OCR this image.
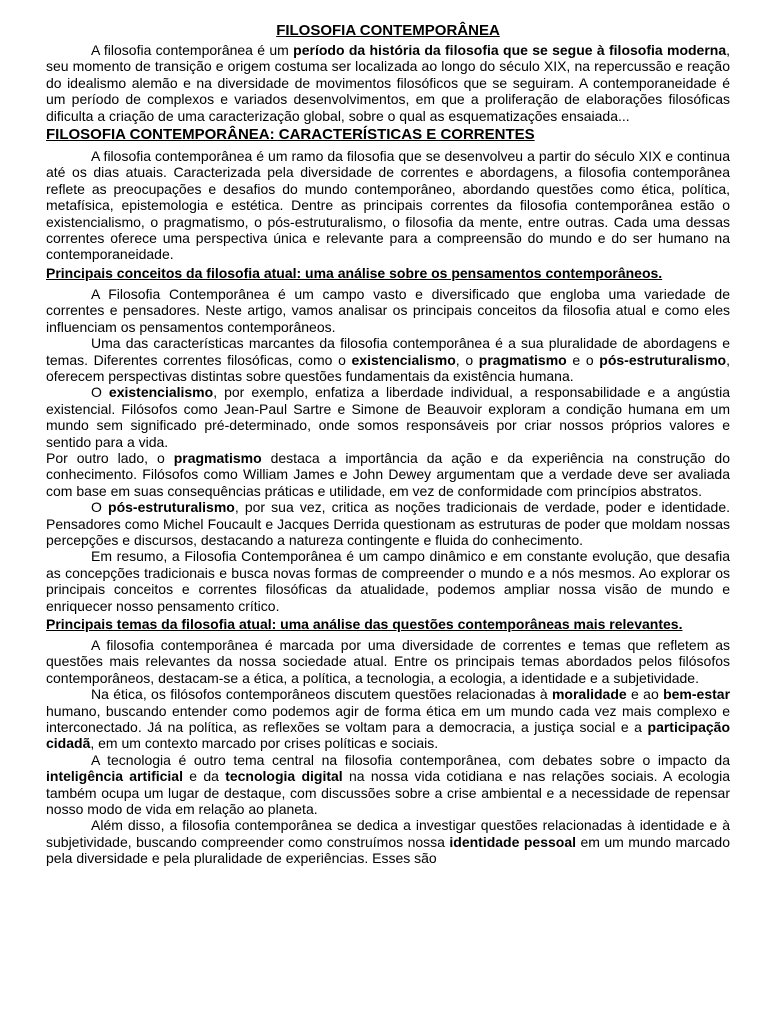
FILOSOFIA CONTEMPORÂNEA

A filosofia contemporânea é um período da história da filosofia que se segue à filosofia moderna, seu momento de transição e origem costuma ser localizada ao longo do século XIX, na repercussão e reação do idealismo alemão e na diversidade de movimentos filosóficos que se seguiram. A contemporaneidade é um período de complexos e variados desenvolvimentos, em que a proliferação de elaborações filosóficas dificulta a criação de uma caracterização global, sobre o qual as esquematizações ensaiada...

FILOSOFIA CONTEMPORÂNEA: CARACTERÍSTICAS E CORRENTES

A filosofia contemporânea é um ramo da filosofia que se desenvolveu a partir do século XIX e continua até os dias atuais. Caracterizada pela diversidade de correntes e abordagens, a filosofia contemporânea reflete as preocupações e desafios do mundo contemporâneo, abordando questões como ética, política, metafísica, epistemologia e estética. Dentre as principais correntes da filosofia contemporânea estão o existencialismo, o pragmatismo, o pós-estruturalismo, o filosofia da mente, entre outras. Cada uma dessas correntes oferece uma perspectiva única e relevante para a compreensão do mundo e do ser humano na contemporaneidade.

Principais conceitos da filosofia atual: uma análise sobre os pensamentos contemporâneos.

A Filosofia Contemporânea é um campo vasto e diversificado que engloba uma variedade de correntes e pensadores. Neste artigo, vamos analisar os principais conceitos da filosofia atual e como eles influenciam os pensamentos contemporâneos.

Uma das características marcantes da filosofia contemporânea é a sua pluralidade de abordagens e temas. Diferentes correntes filosóficas, como o existencialismo, o pragmatismo e o pós-estruturalismo, oferecem perspectivas distintas sobre questões fundamentais da existência humana.

O existencialismo, por exemplo, enfatiza a liberdade individual, a responsabilidade e a angústia existencial. Filósofos como Jean-Paul Sartre e Simone de Beauvoir exploram a condição humana em um mundo sem significado pré-determinado, onde somos responsáveis por criar nossos próprios valores e sentido para a vida.

Por outro lado, o pragmatismo destaca a importância da ação e da experiência na construção do conhecimento. Filósofos como William James e John Dewey argumentam que a verdade deve ser avaliada com base em suas consequências práticas e utilidade, em vez de conformidade com princípios abstratos.

O pós-estruturalismo, por sua vez, critica as noções tradicionais de verdade, poder e identidade. Pensadores como Michel Foucault e Jacques Derrida questionam as estruturas de poder que moldam nossas percepções e discursos, destacando a natureza contingente e fluida do conhecimento.

Em resumo, a Filosofia Contemporânea é um campo dinâmico e em constante evolução, que desafia as concepções tradicionais e busca novas formas de compreender o mundo e a nós mesmos. Ao explorar os principais conceitos e correntes filosóficas da atualidade, podemos ampliar nossa visão de mundo e enriquecer nosso pensamento crítico.

Principais temas da filosofia atual: uma análise das questões contemporâneas mais relevantes.

A filosofia contemporânea é marcada por uma diversidade de correntes e temas que refletem as questões mais relevantes da nossa sociedade atual. Entre os principais temas abordados pelos filósofos contemporâneos, destacam-se a ética, a política, a tecnologia, a ecologia, a identidade e a subjetividade.

Na ética, os filósofos contemporâneos discutem questões relacionadas à moralidade e ao bem-estar humano, buscando entender como podemos agir de forma ética em um mundo cada vez mais complexo e interconectado. Já na política, as reflexões se voltam para a democracia, a justiça social e a participação cidadã, em um contexto marcado por crises políticas e sociais.

A tecnologia é outro tema central na filosofia contemporânea, com debates sobre o impacto da inteligência artificial e da tecnologia digital na nossa vida cotidiana e nas relações sociais. A ecologia também ocupa um lugar de destaque, com discussões sobre a crise ambiental e a necessidade de repensar nosso modo de vida em relação ao planeta.

Além disso, a filosofia contemporânea se dedica a investigar questões relacionadas à identidade e à subjetividade, buscando compreender como construímos nossa identidade pessoal em um mundo marcado pela diversidade e pela pluralidade de experiências. Esses são
